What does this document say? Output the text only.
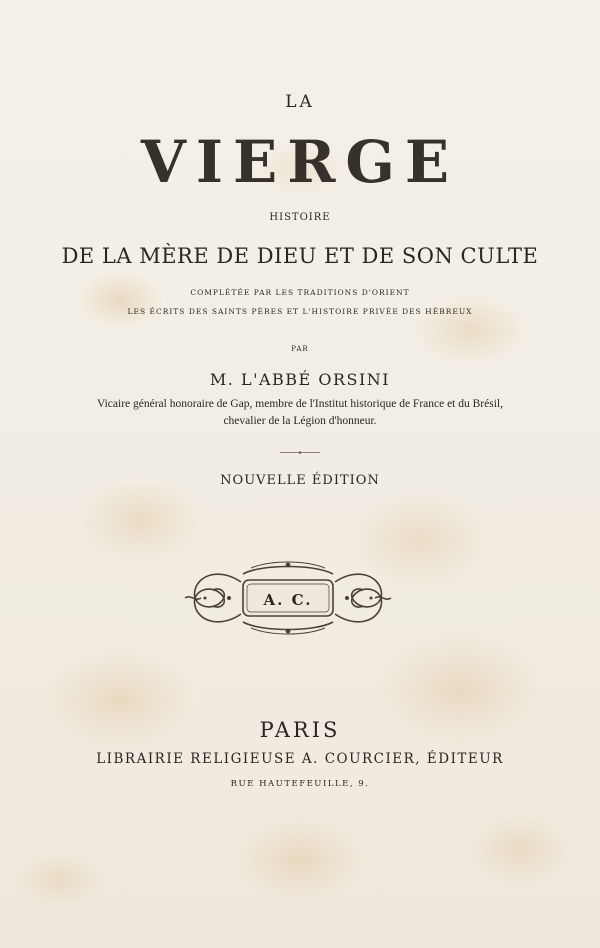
LA
VIERGE
HISTOIRE
DE LA MÈRE DE DIEU ET DE SON CULTE
COMPLÉTÉE PAR LES TRADITIONS D'ORIENT
LES ÉCRITS DES SAINTS PÈRES ET L'HISTOIRE PRIVÉE DES HÉBREUX
PAR
M. L'ABBÉ ORSINI
Vicaire général honoraire de Gap, membre de l'Institut historique de France et du Brésil,
chevalier de la Légion d'honneur.
NOUVELLE ÉDITION
A. C.
PARIS
LIBRAIRIE RELIGIEUSE A. COURCIER, ÉDITEUR
RUE HAUTEFEUILLE, 9.
